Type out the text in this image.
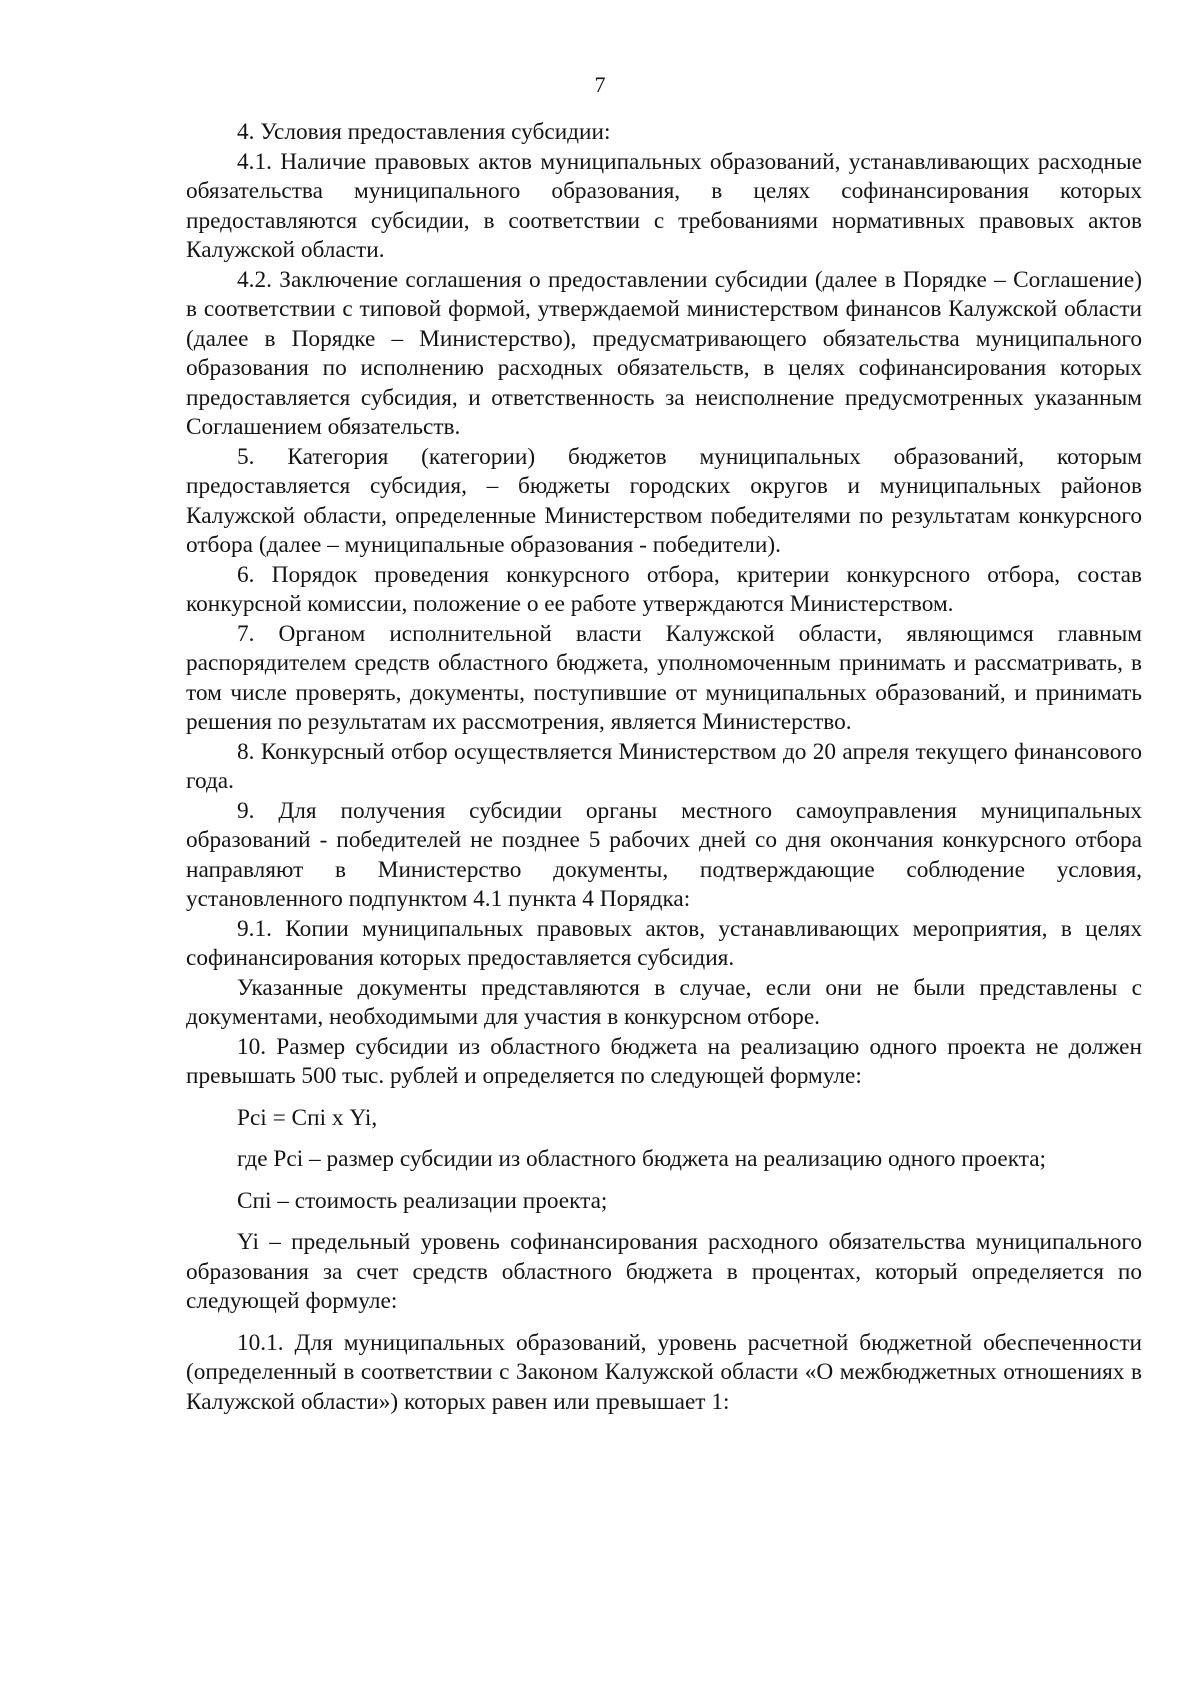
7

4. Условия предоставления субсидии:

4.1. Наличие правовых актов муниципальных образований, устанавливающих расходные обязательства муниципального образования, в целях софинансирования которых предоставляются субсидии, в соответствии с требованиями нормативных правовых актов Калужской области.

4.2. Заключение соглашения о предоставлении субсидии (далее в Порядке – Соглашение) в соответствии с типовой формой, утверждаемой министерством финансов Калужской области (далее в Порядке – Министерство), предусматривающего обязательства муниципального образования по исполнению расходных обязательств, в целях софинансирования которых предоставляется субсидия, и ответственность за неисполнение предусмотренных указанным Соглашением обязательств.

5. Категория (категории) бюджетов муниципальных образований, которым предоставляется субсидия, – бюджеты городских округов и муниципальных районов Калужской области, определенные Министерством победителями по результатам конкурсного отбора (далее – муниципальные образования - победители).

6. Порядок проведения конкурсного отбора, критерии конкурсного отбора, состав конкурсной комиссии, положение о ее работе утверждаются Министерством.

7. Органом исполнительной власти Калужской области, являющимся главным распорядителем средств областного бюджета, уполномоченным принимать и рассматривать, в том числе проверять, документы, поступившие от муниципальных образований, и принимать решения по результатам их рассмотрения, является Министерство.

8. Конкурсный отбор осуществляется Министерством до 20 апреля текущего финансового года.

9. Для получения субсидии органы местного самоуправления муниципальных образований - победителей не позднее 5 рабочих дней со дня окончания конкурсного отбора направляют в Министерство документы, подтверждающие соблюдение условия, установленного подпунктом 4.1 пункта 4 Порядка:

9.1. Копии муниципальных правовых актов, устанавливающих мероприятия, в целях софинансирования которых предоставляется субсидия.

Указанные документы представляются в случае, если они не были представлены с документами, необходимыми для участия в конкурсном отборе.

10. Размер субсидии из областного бюджета на реализацию одного проекта не должен превышать 500 тыс. рублей и определяется по следующей формуле:

Рсi = Спi х Yi,

где Рсi – размер субсидии из областного бюджета на реализацию одного проекта;

Спi – стоимость реализации проекта;

Yi – предельный уровень софинансирования расходного обязательства муниципального образования за счет средств областного бюджета в процентах, который определяется по следующей формуле:

10.1. Для муниципальных образований, уровень расчетной бюджетной обеспеченности (определенный в соответствии с Законом Калужской области «О межбюджетных отношениях в Калужской области») которых равен или превышает 1:
